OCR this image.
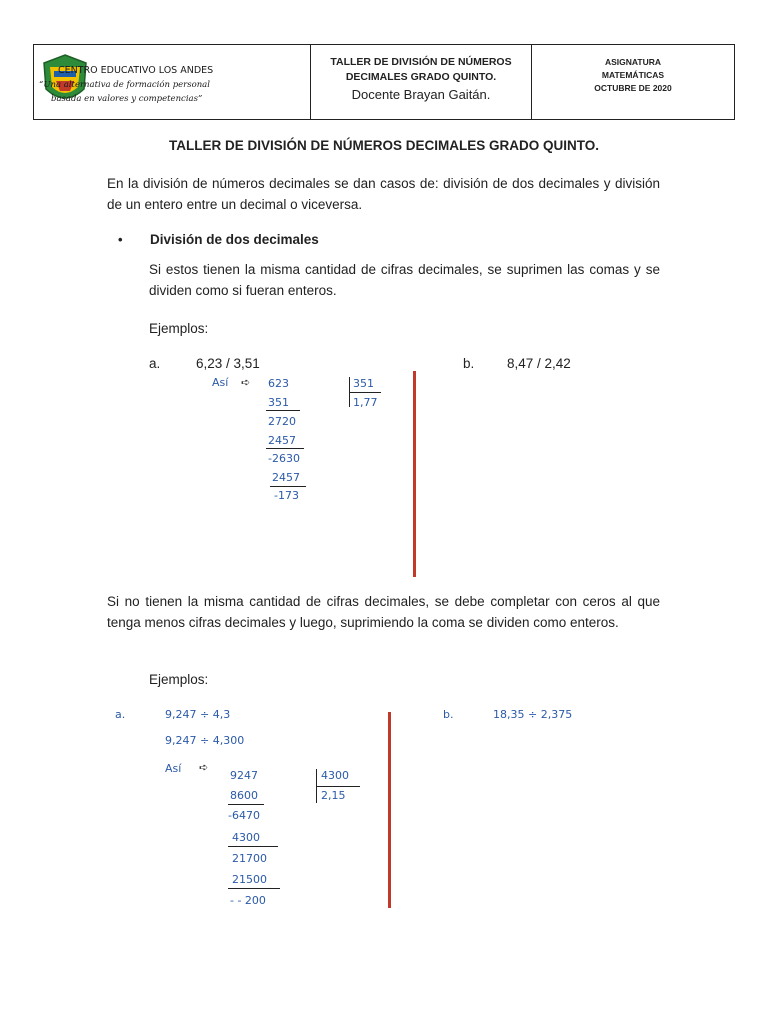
CENTRO EDUCATIVO LOS ANDES
“Una alternativa de formación personal
basada en valores y competencias”
TALLER DE DIVISIÓN DE NÚMEROS
DECIMALES GRADO QUINTO.
Docente Brayan Gaitán.
ASIGNATURA
MATEMÁTICAS
OCTUBRE DE 2020
TALLER DE DIVISIÓN DE NÚMEROS DECIMALES GRADO QUINTO.
En la división de números decimales se dan casos de: división de dos decimales y división de un entero entre un decimal o viceversa.
• División de dos decimales
Si estos tienen la misma cantidad de cifras decimales, se suprimen las comas y se dividen como si fueran enteros.
Ejemplos:
a.	6,23 / 3,51	b. 8,47 / 2,42
Así ➪ 623
351
2720
2457
-2630
2457
-173
351
1,77
Si no tienen la misma cantidad de cifras decimales, se debe completar con ceros al que tenga menos cifras decimales y luego, suprimiendo la coma se dividen como enteros.
Ejemplos:
a.	9,247 ÷ 4,3
9,247 ÷ 4,300
b.	18,35 ÷ 2,375
Así ➪
9247
8600
-6470
4300
21700
21500
- - 200
4300
2,15
